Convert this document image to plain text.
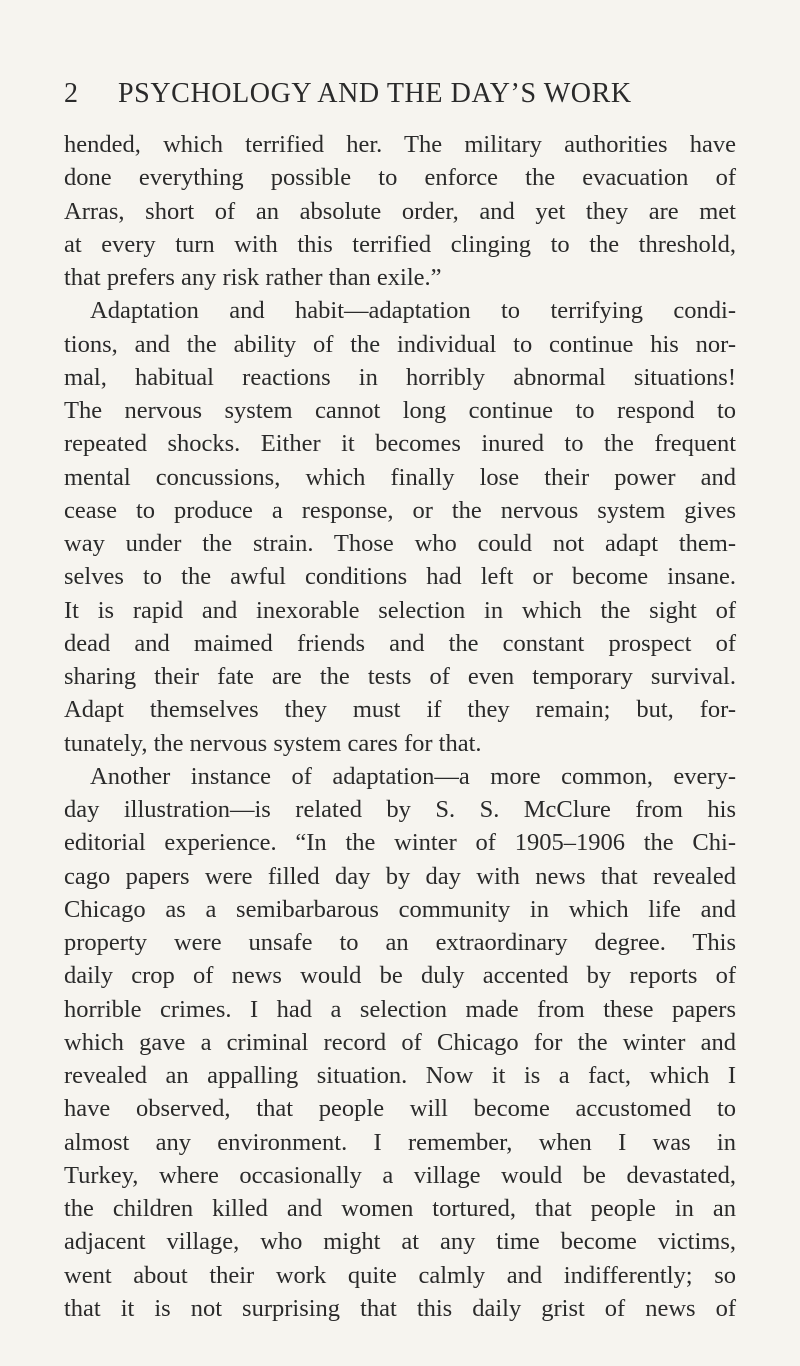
2 PSYCHOLOGY AND THE DAY’S WORK
hended, which terrified her. The military authorities have
done everything possible to enforce the evacuation of
Arras, short of an absolute order, and yet they are met
at every turn with this terrified clinging to the threshold,
that prefers any risk rather than exile.”
Adaptation and habit—adaptation to terrifying condi-
tions, and the ability of the individual to continue his nor-
mal, habitual reactions in horribly abnormal situations!
The nervous system cannot long continue to respond to
repeated shocks. Either it becomes inured to the frequent
mental concussions, which finally lose their power and
cease to produce a response, or the nervous system gives
way under the strain. Those who could not adapt them-
selves to the awful conditions had left or become insane.
It is rapid and inexorable selection in which the sight of
dead and maimed friends and the constant prospect of
sharing their fate are the tests of even temporary survival.
Adapt themselves they must if they remain; but, for-
tunately, the nervous system cares for that.
Another instance of adaptation—a more common, every-
day illustration—is related by S. S. McClure from his
editorial experience. “In the winter of 1905–1906 the Chi-
cago papers were filled day by day with news that revealed
Chicago as a semibarbarous community in which life and
property were unsafe to an extraordinary degree. This
daily crop of news would be duly accented by reports of
horrible crimes. I had a selection made from these papers
which gave a criminal record of Chicago for the winter and
revealed an appalling situation. Now it is a fact, which I
have observed, that people will become accustomed to
almost any environment. I remember, when I was in
Turkey, where occasionally a village would be devastated,
the children killed and women tortured, that people in an
adjacent village, who might at any time become victims,
went about their work quite calmly and indifferently; so
that it is not surprising that this daily grist of news of
